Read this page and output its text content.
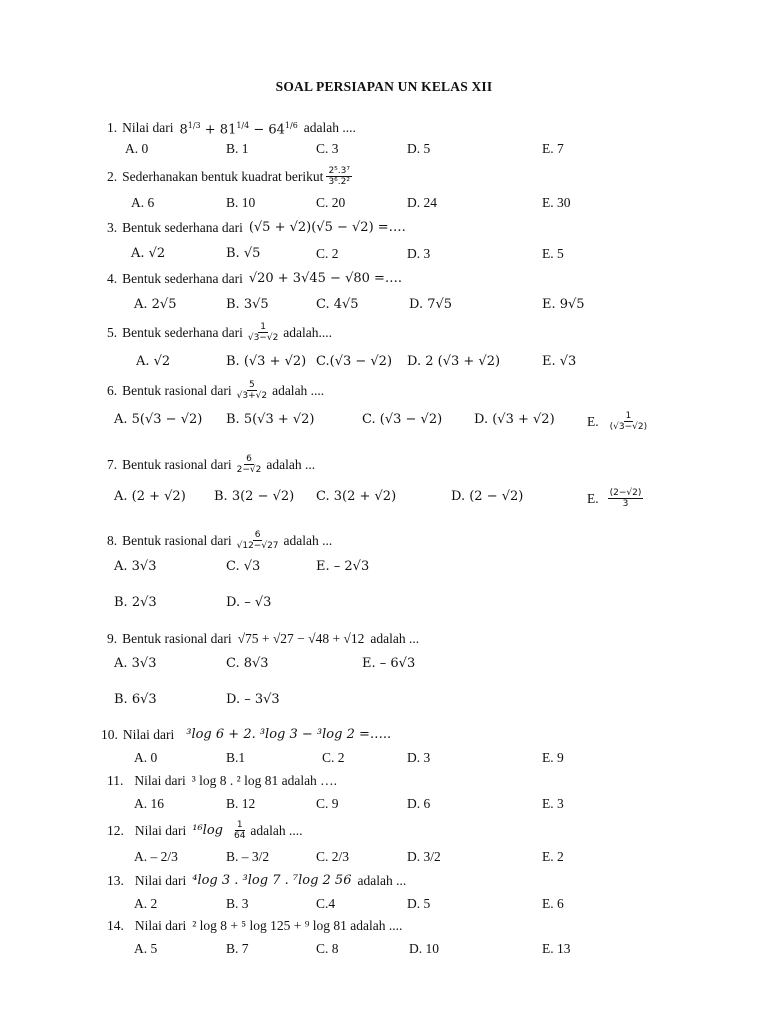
SOAL PERSIAPAN UN KELAS XII
1. Nilai dari $8^{1/3} + 81^{1/4} - 64^{1/6}$ adalah ....
A. 0	B. 1	C. 3	D. 5	E. 7
2. Sederhanakan bentuk kuadrat berikut $\frac{\text{2⁵.3⁷}}{\text{3⁶.2²}}$
A. 6	B. 10	C. 20	D. 24	E. 30
3. Bentuk sederhana dari (√5 + √2)(√5 − √2) =….
A. √2	B. √5	C. 2	D. 3	E. 5
4. Bentuk sederhana dari √20 + 3√45 − √80 =….
A. 2√5	B. 3√5	C. 4√5	D. 7√5	E. 9√5
5. Bentuk sederhana dari $\frac{1}{√3-√2}$ adalah....
A. √2	B. (√3 + √2) C.(√3 − √2) D. 2 (√3 + √2)	E. √3
6. Bentuk rasional dari $\frac{5}{√3+√2}$ adalah ....
A. 5(√3 − √2) B. 5(√3 + √2)	C. (√3 − √2) D. (√3 + √2) E. $\frac{1}{(√3-√2)}$
7. Bentuk rasional dari $\frac{6}{2-√2}$ adalah ...
A. (2 + √2) B. 3(2 − √2) C. 3(2 + √2)	D. (2 − √2)	E. $\frac{(2-√2)}{3}$
8. Bentuk rasional dari $\frac{6}{√12-√27}$ adalah ...
A. 3√3	C. √3	E. – 2√3
B. 2√3	D. – √3
9. Bentuk rasional dari √75 + √27 − √48 + √12 adalah ...
A. 3√3	C. 8√3	E. – 6√3
B. 6√3	D. – 3√3
10. Nilai dari ³log 6 + 2. ³log 3 − ³log 2 =…..
A. 0	B.1	C. 2	D. 3	E. 9
11. Nilai dari ³ log 8 . ² log 81 adalah ….
A. 16	B. 12	C. 9	D. 6	E. 3
12. Nilai dari $^{16}\log \frac{1}{64}$ adalah ....
A. – 2/3	B. – 3/2	C. 2/3	D. 3/2	E. 2
13. Nilai dari ⁴log 3 . ³log 7 . ⁷log 2 56 adalah ...
A. 2	B. 3	C.4	D. 5	E. 6
14. Nilai dari ² log 8 + ⁵ log 125 + ⁹ log 81 adalah ....
A. 5	B. 7	C. 8	D. 10	E. 13
